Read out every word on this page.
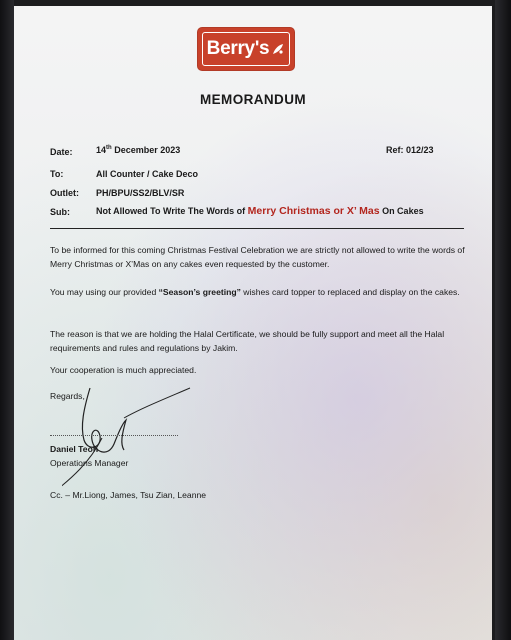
Berry's
MEMORANDUM
Date:	14th December 2023	Ref: 012/23
To:	All Counter / Cake Deco
Outlet: PH/BPU/SS2/BLV/SR
Sub:	Not Allowed To Write The Words of Merry Christmas or X’ Mas On Cakes
To be informed for this coming Christmas Festival Celebration we are strictly not allowed to write the words of Merry Christmas or X’Mas on any cakes even requested by the customer.
You may using our provided “Season’s greeting” wishes card topper to replaced and display on the cakes.
The reason is that we are holding the Halal Certificate, we should be fully support and meet all the Halal requirements and rules and regulations by Jakim.
Your cooperation is much appreciated.
Regards,
Daniel Teoh
Operations Manager
Cc. – Mr.Liong, James, Tsu Zian, Leanne
